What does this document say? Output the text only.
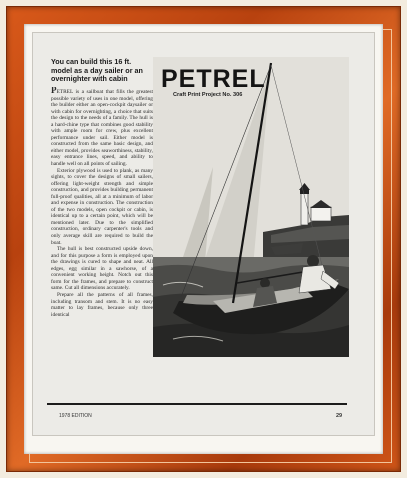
You can build this 16 ft. model as a day sailer or an overnighter with cabin

PETREL is a sailboat that fills the greatest possible variety of uses in one model, offering the builder either an open-cockpit daysailer or with cabin for overnighting, a choice that suits the design to the needs of a family. The hull is a hard-chine type that combines good stability with ample room for crew, plus excellent performance under sail. Either model is constructed from the same basic design, and either model, provides seaworthiness, stability, easy entrance lines, speed, and ability to handle well on all points of sailing.

Exterior plywood is used to plank, as many sights, to cover the designs of small sailers, offering light-weight strength and simple construction, and provides building permanent full-proof qualities, all at a minimum of labor and expense in construction. The construction of the two models, open cockpit or cabin, is identical up to a certain point, which will be mentioned later. Due to the simplified construction, ordinary carpenter's tools and only average skill are required to build the boat.

The hull is best constructed upside down, and for this purpose a form is employed upon the drawings is cured to shape and neat. All edges, egg similar in a sawhorse, of a convenient working height. Notch out this form for the frames, and prepare to construct same. Cut all dimensions accurately.

Prepare all the patterns of all frames, including transom and stem. It is no easy matter to lay frames, because only three identical

PETREL
Craft Print Project No. 306
1978 EDITION	29
